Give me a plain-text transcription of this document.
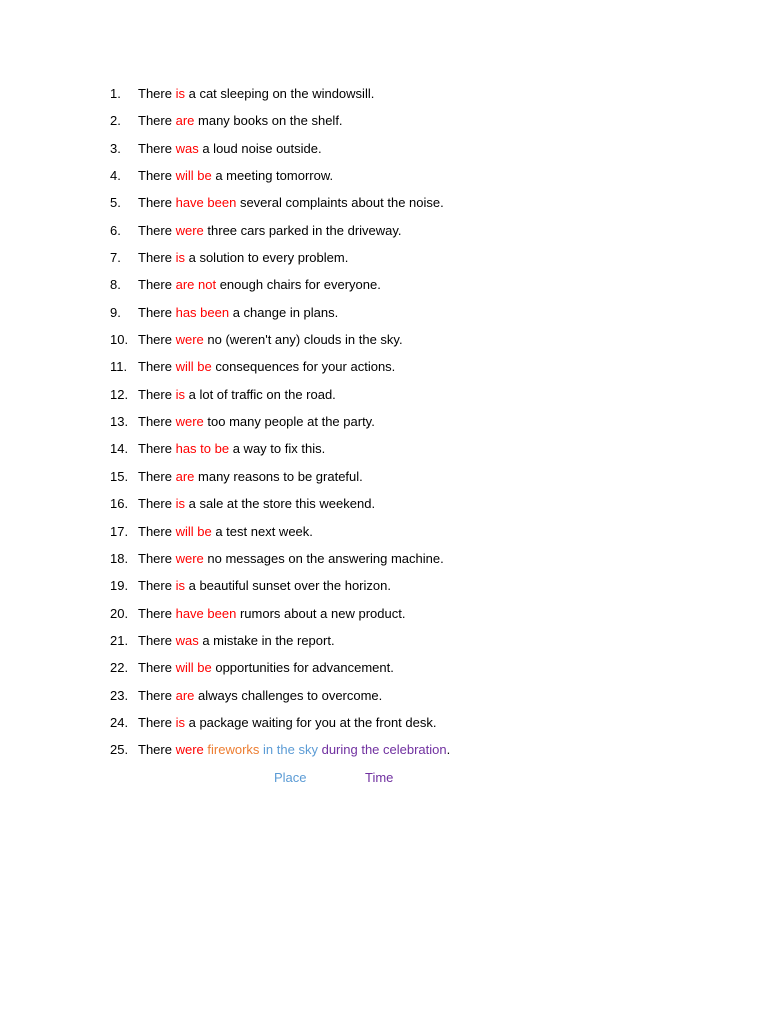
1. There is a cat sleeping on the windowsill.
2. There are many books on the shelf.
3. There was a loud noise outside.
4. There will be a meeting tomorrow.
5. There have been several complaints about the noise.
6. There were three cars parked in the driveway.
7. There is a solution to every problem.
8. There are not enough chairs for everyone.
9. There has been a change in plans.
10. There were no (weren't any) clouds in the sky.
11. There will be consequences for your actions.
12. There is a lot of traffic on the road.
13. There were too many people at the party.
14. There has to be a way to fix this.
15. There are many reasons to be grateful.
16. There is a sale at the store this weekend.
17. There will be a test next week.
18. There were no messages on the answering machine.
19. There is a beautiful sunset over the horizon.
20. There have been rumors about a new product.
21. There was a mistake in the report.
22. There will be opportunities for advancement.
23. There are always challenges to overcome.
24. There is a package waiting for you at the front desk.
25. There were fireworks in the sky during the celebration.
Place	Time
